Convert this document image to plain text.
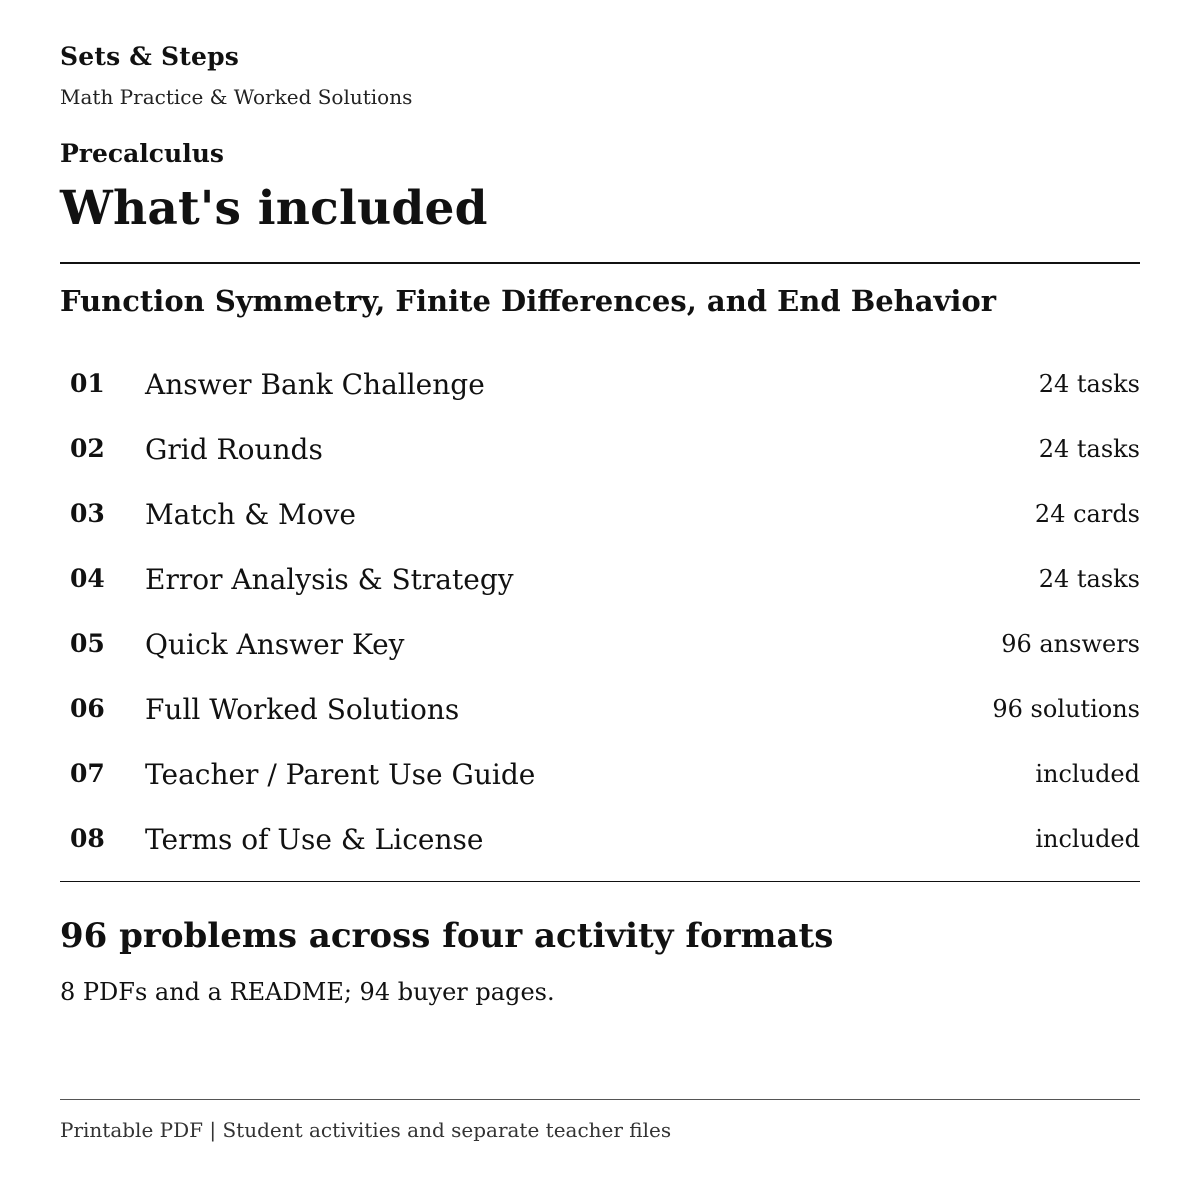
Sets & Steps
Math Practice & Worked Solutions
Precalculus
What's included
Function Symmetry, Finite Differences, and End Behavior
01 Answer Bank Challenge	24 tasks
02 Grid Rounds	24 tasks
03 Match & Move	24 cards
04 Error Analysis & Strategy	24 tasks
05 Quick Answer Key	96 answers
06 Full Worked Solutions	96 solutions
07 Teacher / Parent Use Guide	included
08 Terms of Use & License	included
96 problems across four activity formats

8 PDFs and a README; 94 buyer pages.

Printable PDF | Student activities and separate teacher files
